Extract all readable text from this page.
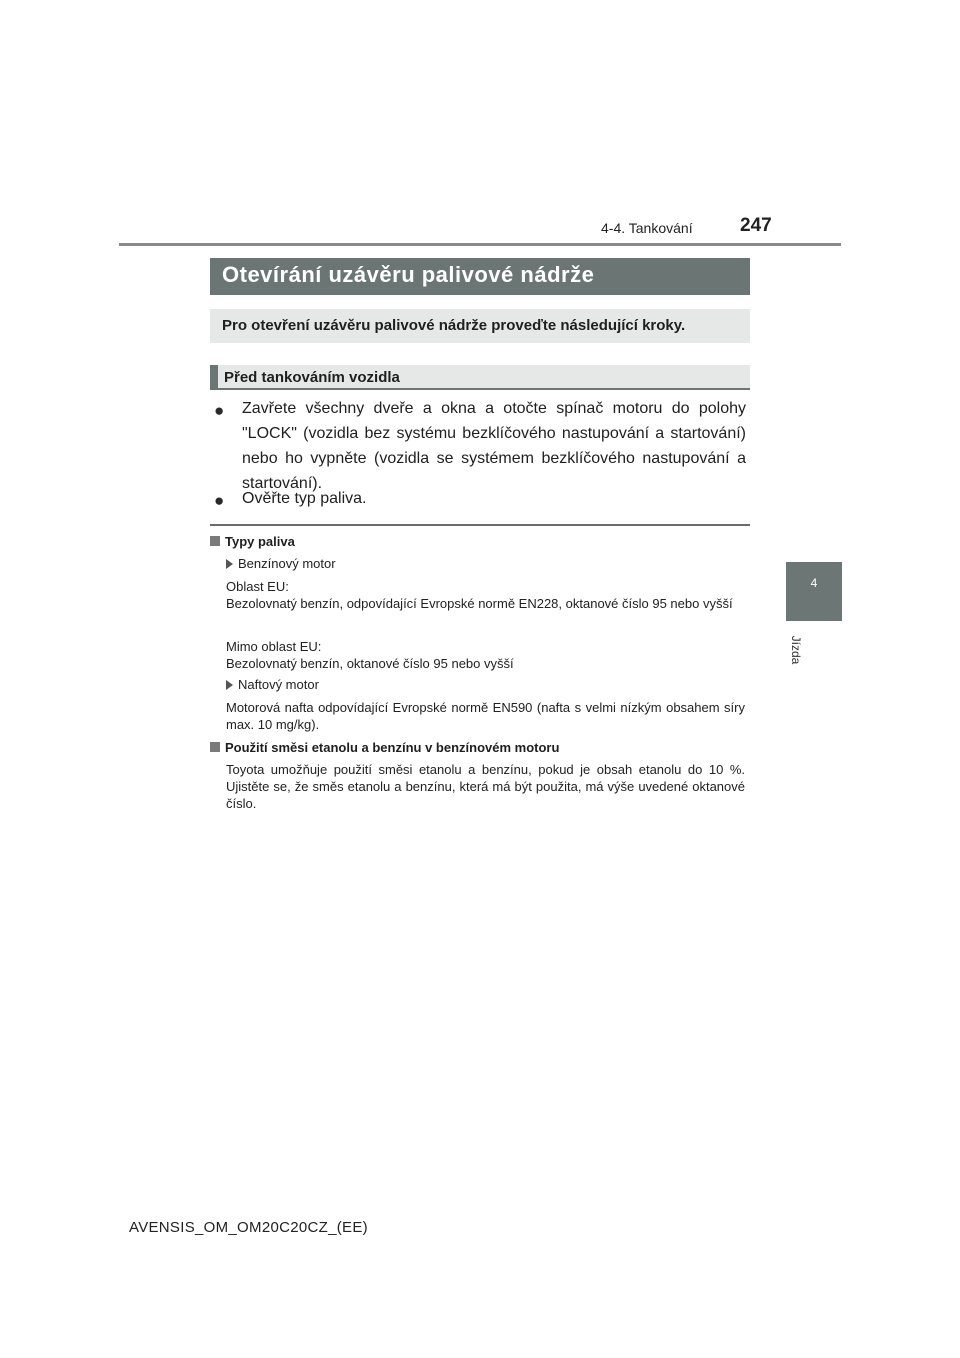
4-4. Tankování 247
4
Jízda
Otevírání uzávěru palivové nádrže
Pro otevření uzávěru palivové nádrže proveďte následující kroky.
Před tankováním vozidla
● Zavřete všechny dveře a okna a otočte spínač motoru do polohy "LOCK" (vozidla bez systému bezklíčového nastupování a startování) nebo ho vypněte (vozidla se systémem bezklíčového nastupování a startování).
● Ověřte typ paliva.
Typy paliva
Benzínový motor
Oblast EU:
Bezolovnatý benzín, odpovídající Evropské normě EN228, oktanové číslo 95 nebo vyšší
Mimo oblast EU:
Bezolovnatý benzín, oktanové číslo 95 nebo vyšší
Naftový motor
Motorová nafta odpovídající Evropské normě EN590 (nafta s velmi nízkým obsahem síry max. 10 mg/kg).
Použití směsi etanolu a benzínu v benzínovém motoru
Toyota umožňuje použití směsi etanolu a benzínu, pokud je obsah etanolu do 10 %. Ujistěte se, že směs etanolu a benzínu, která má být použita, má výše uvedené oktanové číslo.
AVENSIS_OM_OM20C20CZ_(EE)
